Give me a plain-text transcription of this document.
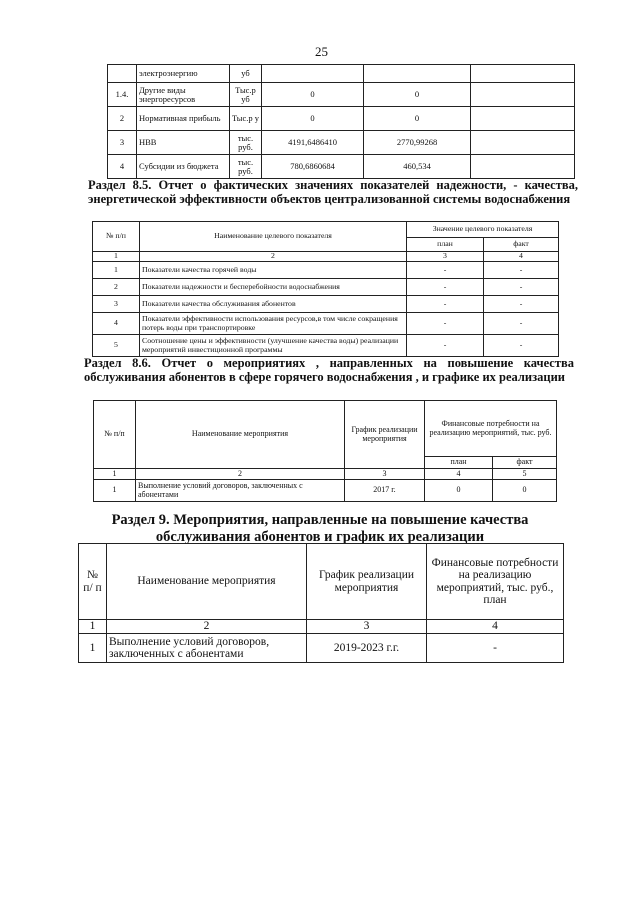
25
	электроэнергию	уб			
1.4.	Другие виды энергоресурсов	Тыс.р уб	0	0	
2	Нормативная прибыль	Тыс.р у	0	0	
3	НВВ	тыс. руб.	4191,6486410	2770,99268	
4	Субсидии из бюджета	тыс. руб.	780,6860684	460,534	
Раздел 8.5. Отчет о фактических значениях показателей надежности, - качества, энергетической эффективности объектов централизованной системы водоснабжения
№ п/п	Наименование целевого показателя	Значение целевого показателя	
		план	факт
1	2	3	4
1	Показатели качества горячей воды	-	-
2	Показатели надежности и бесперебойности водоснабжения	-	-
3	Показатели качества обслуживания абонентов	-	-
4	Показатели эффективности использования ресурсов,в том числе сокращения потерь воды при транспортировке	-	-
5	Соотношение цены и эффективности (улучшение качества воды) реализации мероприятий инвестиционной программы	-	-
Раздел 8.6. Отчет о мероприятиях , направленных на повышение качества обслуживания абонентов в сфере горячего водоснабжения , и графике их реализации
№ п/п	Наименование мероприятия	График реализации мероприятия	Финансовые потребности на реализацию мероприятий, тыс. руб.	
			план	факт
1	2	3	4	5
1	Выполнение условий договоров, заключенных с абонентами	2017 г.	0	0
Раздел 9. Мероприятия, направленные на повышение качества
обслуживания абонентов и график их реализации
№ п/ п	Наименование мероприятия	График реализации мероприятия	Финансовые потребности на реализацию мероприятий, тыс. руб., план
1	2	3	4
1	Выполнение условий договоров, заключенных с абонентами	2019-2023 г.г.	-
